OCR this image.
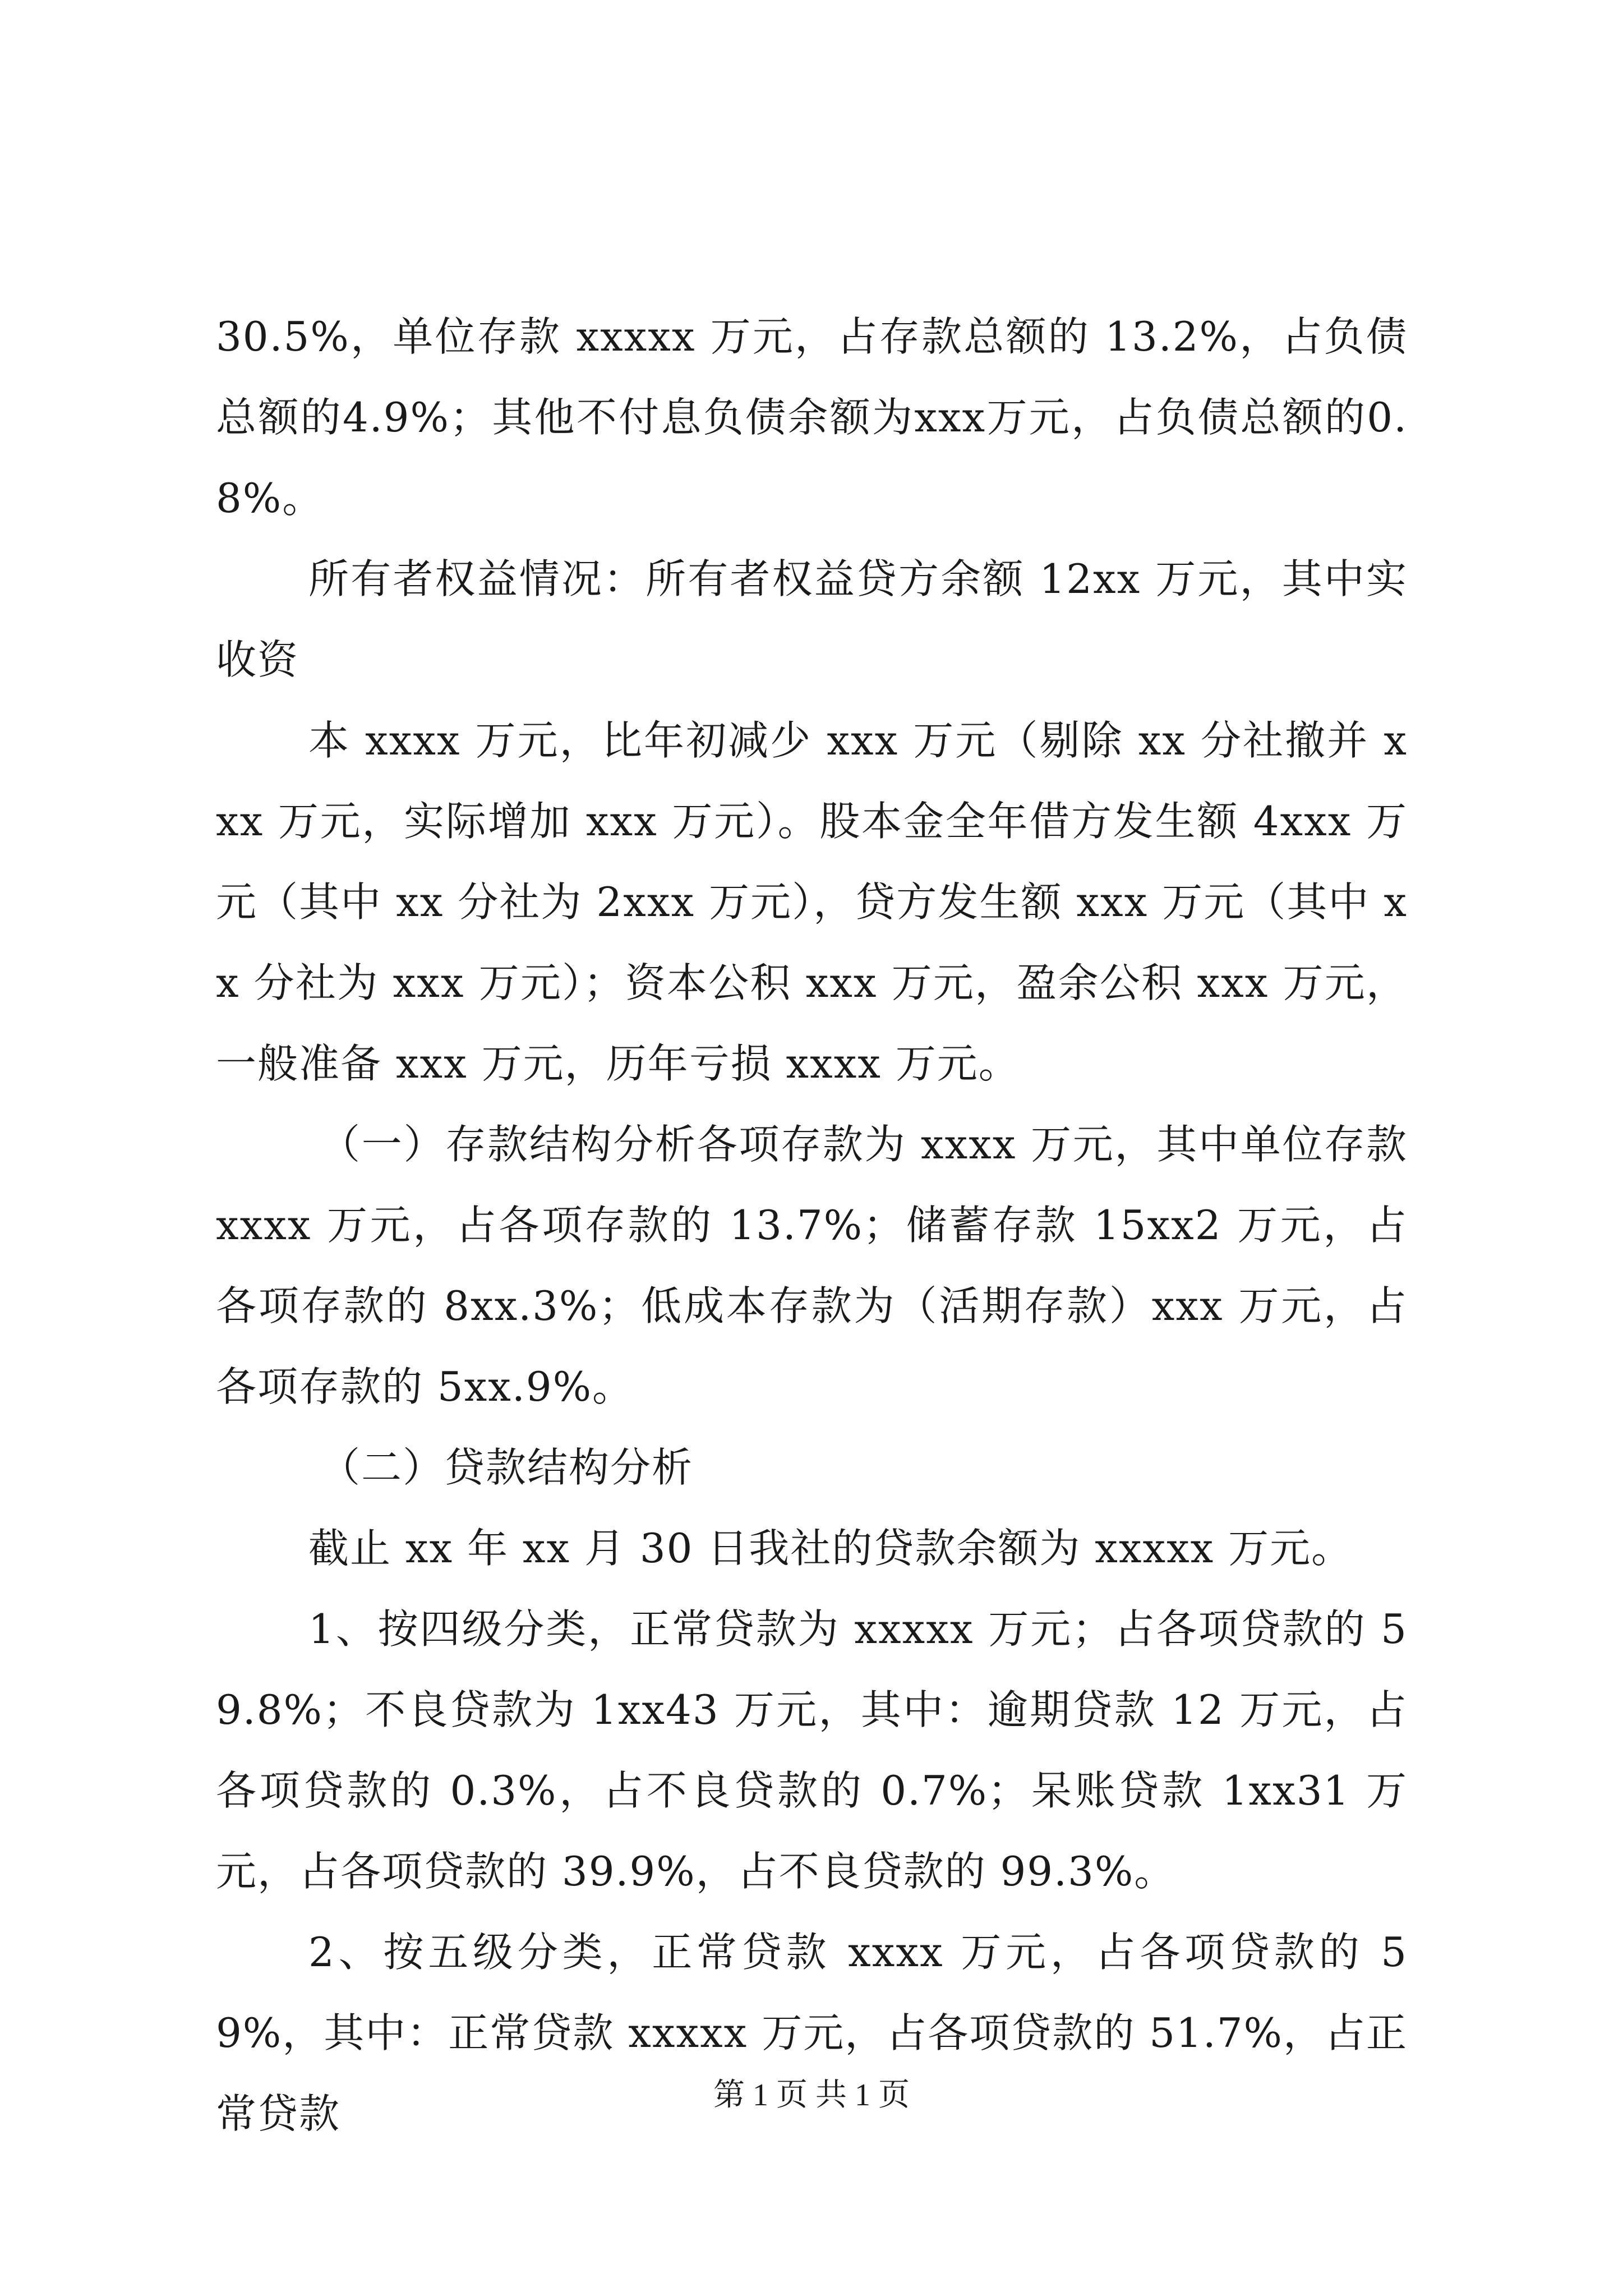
30.5%，单位存款 xxxxx 万元，占存款总额的 13.2%，占负债总额的4.9%；其他不付息负债余额为xxx万元，占负债总额的0.8%。

所有者权益情况：所有者权益贷方余额 12xx 万元，其中实收资

本 xxxx 万元，比年初减少 xxx 万元（剔除 xx 分社撤并 xxx 万元，实际增加 xxx 万元）。股本金全年借方发生额 4xxx 万元（其中 xx 分社为 2xxx 万元），贷方发生额 xxx 万元（其中 xx 分社为 xxx 万元）；资本公积 xxx 万元，盈余公积 xxx 万元，一般准备 xxx 万元，历年亏损 xxxx 万元。

（一）存款结构分析各项存款为 xxxx 万元，其中单位存款 xxxx 万元，占各项存款的 13.7%；储蓄存款 15xx2 万元，占各项存款的 8xx.3%；低成本存款为（活期存款）xxx 万元，占各项存款的 5xx.9%。

（二）贷款结构分析

截止 xx 年 xx 月 30 日我社的贷款余额为 xxxxx 万元。

1、按四级分类，正常贷款为 xxxxx 万元；占各项贷款的 59.8%；不良贷款为 1xx43 万元，其中：逾期贷款 12 万元，占各项贷款的 0.3%，占不良贷款的 0.7%；呆账贷款 1xx31 万元，占各项贷款的 39.9%，占不良贷款的 99.3%。

2、按五级分类，正常贷款 xxxx 万元，占各项贷款的 59%，其中：正常贷款 xxxxx 万元，占各项贷款的 51.7%，占正常贷款	第 1 页 共 1 页
